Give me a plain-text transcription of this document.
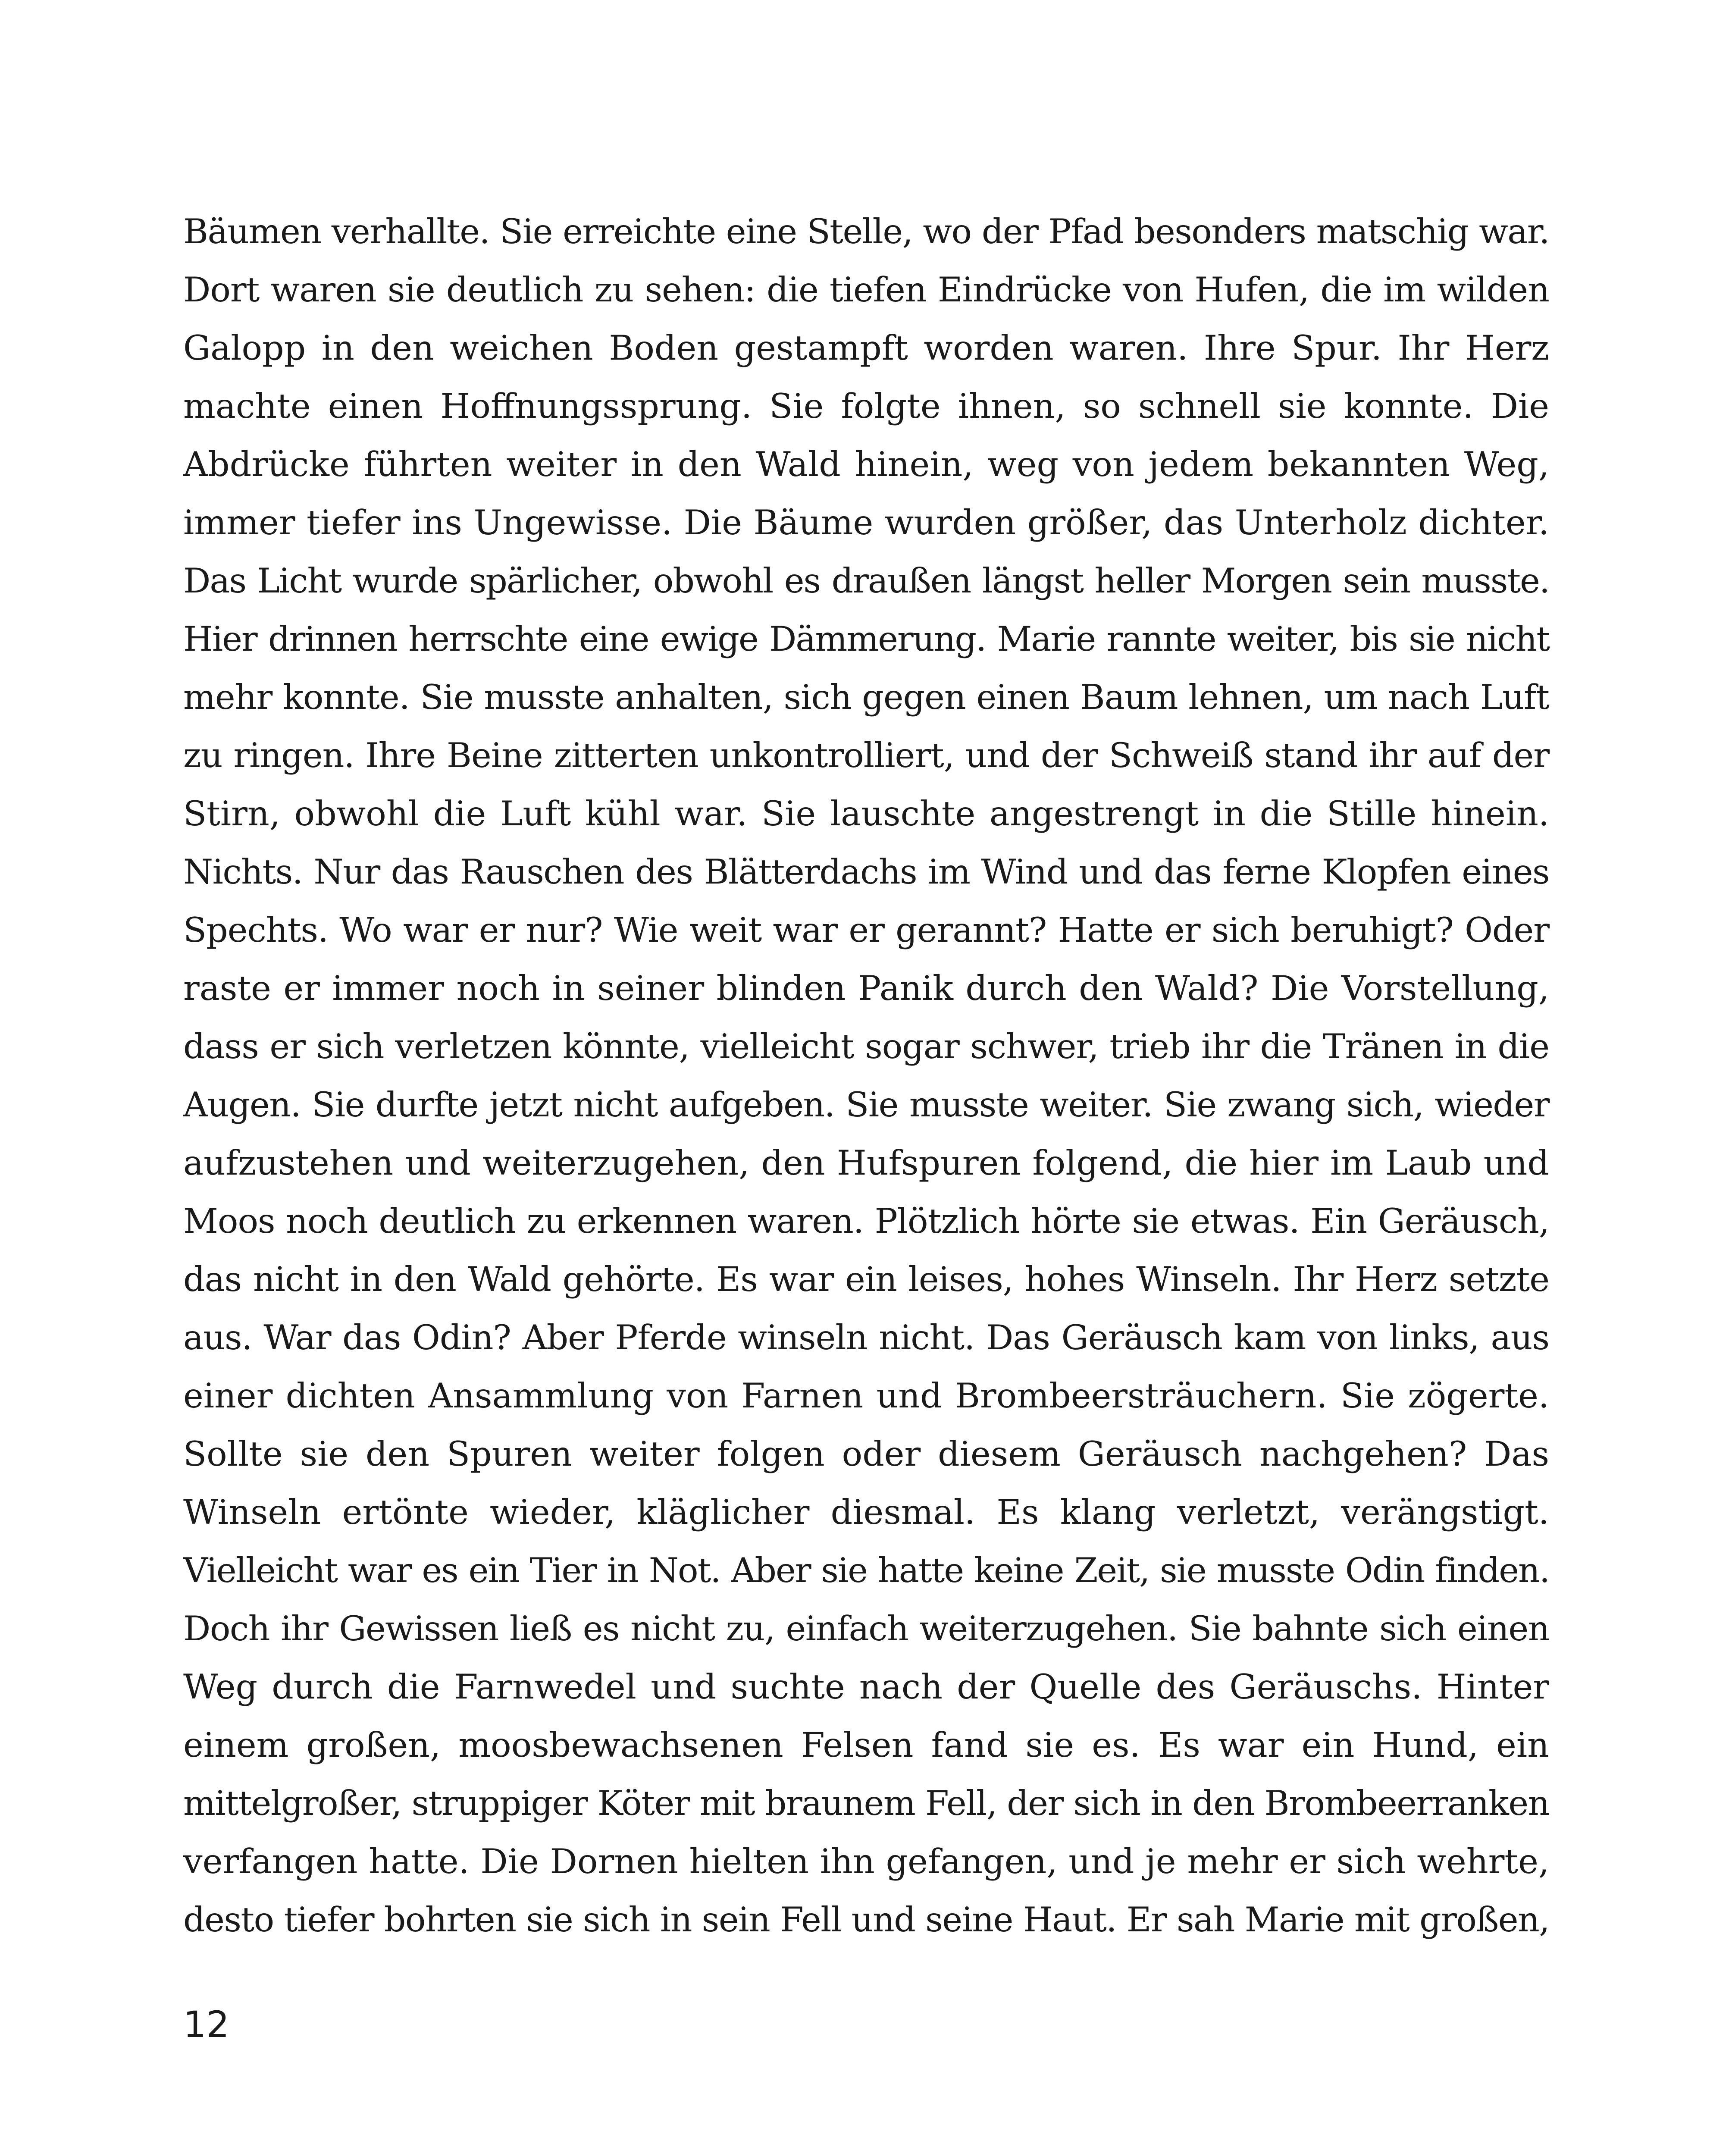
Bäumen verhallte. Sie erreichte eine Stelle, wo der Pfad besonders matschig war.
Dort waren sie deutlich zu sehen: die tiefen Eindrücke von Hufen, die im wilden
Galopp in den weichen Boden gestampft worden waren. Ihre Spur. Ihr Herz
machte einen Hoffnungssprung. Sie folgte ihnen, so schnell sie konnte. Die
Abdrücke führten weiter in den Wald hinein, weg von jedem bekannten Weg,
immer tiefer ins Ungewisse. Die Bäume wurden größer, das Unterholz dichter.
Das Licht wurde spärlicher, obwohl es draußen längst heller Morgen sein musste.
Hier drinnen herrschte eine ewige Dämmerung. Marie rannte weiter, bis sie nicht
mehr konnte. Sie musste anhalten, sich gegen einen Baum lehnen, um nach Luft
zu ringen. Ihre Beine zitterten unkontrolliert, und der Schweiß stand ihr auf der
Stirn, obwohl die Luft kühl war. Sie lauschte angestrengt in die Stille hinein.
Nichts. Nur das Rauschen des Blätterdachs im Wind und das ferne Klopfen eines
Spechts. Wo war er nur? Wie weit war er gerannt? Hatte er sich beruhigt? Oder
raste er immer noch in seiner blinden Panik durch den Wald? Die Vorstellung,
dass er sich verletzen könnte, vielleicht sogar schwer, trieb ihr die Tränen in die
Augen. Sie durfte jetzt nicht aufgeben. Sie musste weiter. Sie zwang sich, wieder
aufzustehen und weiterzugehen, den Hufspuren folgend, die hier im Laub und
Moos noch deutlich zu erkennen waren. Plötzlich hörte sie etwas. Ein Geräusch,
das nicht in den Wald gehörte. Es war ein leises, hohes Winseln. Ihr Herz setzte
aus. War das Odin? Aber Pferde winseln nicht. Das Geräusch kam von links, aus
einer dichten Ansammlung von Farnen und Brombeersträuchern. Sie zögerte.
Sollte sie den Spuren weiter folgen oder diesem Geräusch nachgehen? Das
Winseln ertönte wieder, kläglicher diesmal. Es klang verletzt, verängstigt.
Vielleicht war es ein Tier in Not. Aber sie hatte keine Zeit, sie musste Odin finden.
Doch ihr Gewissen ließ es nicht zu, einfach weiterzugehen. Sie bahnte sich einen
Weg durch die Farnwedel und suchte nach der Quelle des Geräuschs. Hinter
einem großen, moosbewachsenen Felsen fand sie es. Es war ein Hund, ein
mittelgroßer, struppiger Köter mit braunem Fell, der sich in den Brombeerranken
verfangen hatte. Die Dornen hielten ihn gefangen, und je mehr er sich wehrte,
desto tiefer bohrten sie sich in sein Fell und seine Haut. Er sah Marie mit großen,
12
